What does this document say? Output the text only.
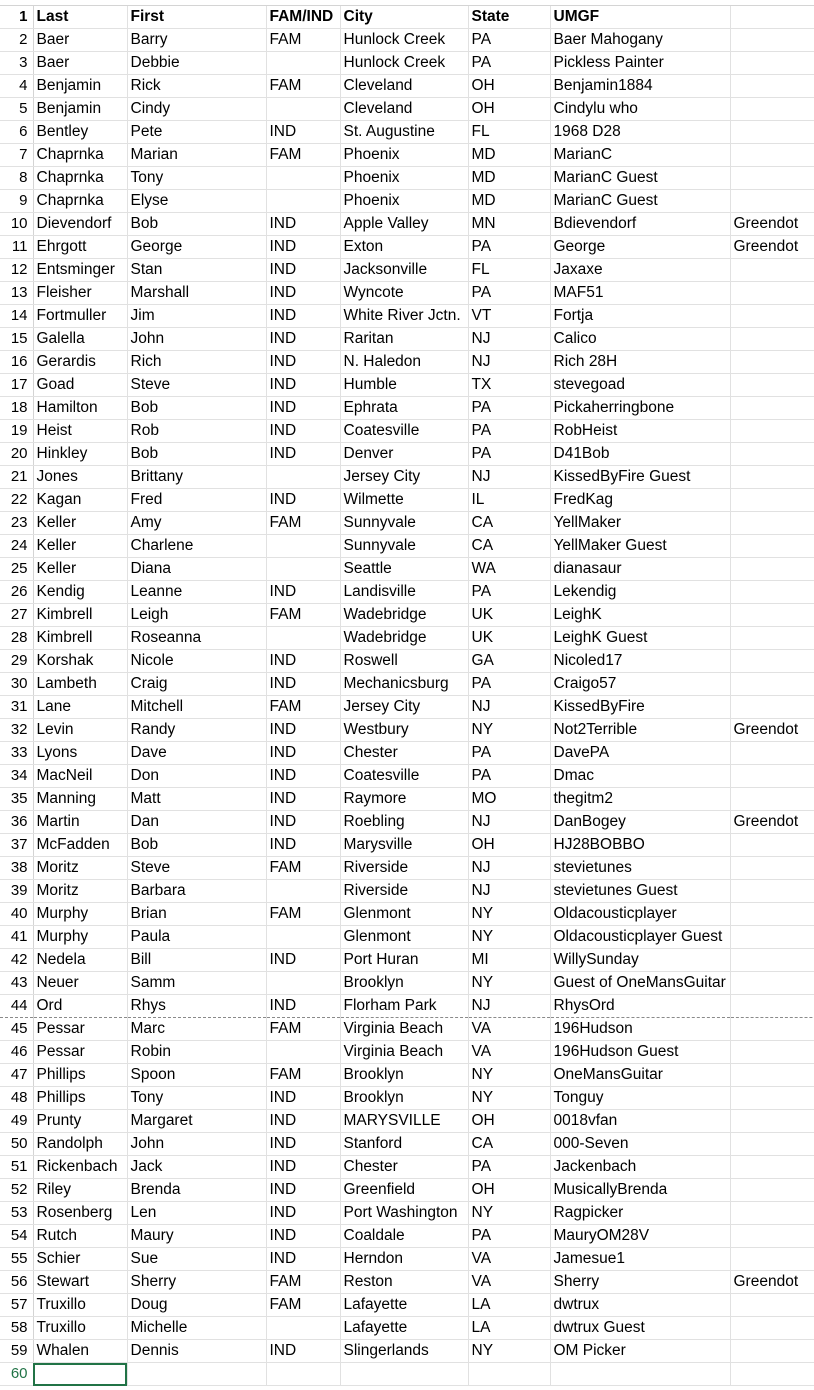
1	Last	First	FAM/IND	City	State	UMGF	
2	Baer	Barry	FAM	Hunlock Creek	PA	Baer Mahogany	
3	Baer	Debbie		Hunlock Creek	PA	Pickless Painter	
4	Benjamin	Rick	FAM	Cleveland	OH	Benjamin1884	
5	Benjamin	Cindy		Cleveland	OH	Cindylu who	
6	Bentley	Pete	IND	St. Augustine	FL	1968 D28	
7	Chaprnka	Marian	FAM	Phoenix	MD	MarianC	
8	Chaprnka	Tony		Phoenix	MD	MarianC Guest	
9	Chaprnka	Elyse		Phoenix	MD	MarianC Guest	
10	Dievendorf	Bob	IND	Apple Valley	MN	Bdievendorf	Greendot
11	Ehrgott	George	IND	Exton	PA	George	Greendot
12	Entsminger	Stan	IND	Jacksonville	FL	Jaxaxe	
13	Fleisher	Marshall	IND	Wyncote	PA	MAF51	
14	Fortmuller	Jim	IND	White River Jctn.	VT	Fortja	
15	Galella	John	IND	Raritan	NJ	Calico	
16	Gerardis	Rich	IND	N. Haledon	NJ	Rich 28H	
17	Goad	Steve	IND	Humble	TX	stevegoad	
18	Hamilton	Bob	IND	Ephrata	PA	Pickaherringbone	
19	Heist	Rob	IND	Coatesville	PA	RobHeist	
20	Hinkley	Bob	IND	Denver	PA	D41Bob	
21	Jones	Brittany		Jersey City	NJ	KissedByFire Guest	
22	Kagan	Fred	IND	Wilmette	IL	FredKag	
23	Keller	Amy	FAM	Sunnyvale	CA	YellMaker	
24	Keller	Charlene		Sunnyvale	CA	YellMaker Guest	
25	Keller	Diana		Seattle	WA	dianasaur	
26	Kendig	Leanne	IND	Landisville	PA	Lekendig	
27	Kimbrell	Leigh	FAM	Wadebridge	UK	LeighK	
28	Kimbrell	Roseanna		Wadebridge	UK	LeighK Guest	
29	Korshak	Nicole	IND	Roswell	GA	Nicoled17	
30	Lambeth	Craig	IND	Mechanicsburg	PA	Craigo57	
31	Lane	Mitchell	FAM	Jersey City	NJ	KissedByFire	
32	Levin	Randy	IND	Westbury	NY	Not2Terrible	Greendot
33	Lyons	Dave	IND	Chester	PA	DavePA	
34	MacNeil	Don	IND	Coatesville	PA	Dmac	
35	Manning	Matt	IND	Raymore	MO	thegitm2	
36	Martin	Dan	IND	Roebling	NJ	DanBogey	Greendot
37	McFadden	Bob	IND	Marysville	OH	HJ28BOBBO	
38	Moritz	Steve	FAM	Riverside	NJ	stevietunes	
39	Moritz	Barbara		Riverside	NJ	stevietunes Guest	
40	Murphy	Brian	FAM	Glenmont	NY	Oldacousticplayer	
41	Murphy	Paula		Glenmont	NY	Oldacousticplayer Guest	
42	Nedela	Bill	IND	Port Huran	MI	WillySunday	
43	Neuer	Samm		Brooklyn	NY	Guest of OneMansGuitar	
44	Ord	Rhys	IND	Florham Park	NJ	RhysOrd	
45	Pessar	Marc	FAM	Virginia Beach	VA	196Hudson	
46	Pessar	Robin		Virginia Beach	VA	196Hudson Guest	
47	Phillips	Spoon	FAM	Brooklyn	NY	OneMansGuitar	
48	Phillips	Tony	IND	Brooklyn	NY	Tonguy	
49	Prunty	Margaret	IND	MARYSVILLE	OH	0018vfan	
50	Randolph	John	IND	Stanford	CA	000-Seven	
51	Rickenbach	Jack	IND	Chester	PA	Jackenbach	
52	Riley	Brenda	IND	Greenfield	OH	MusicallyBrenda	
53	Rosenberg	Len	IND	Port Washington	NY	Ragpicker	
54	Rutch	Maury	IND	Coaldale	PA	MauryOM28V	
55	Schier	Sue	IND	Herndon	VA	Jamesue1	
56	Stewart	Sherry	FAM	Reston	VA	Sherry	Greendot
57	Truxillo	Doug	FAM	Lafayette	LA	dwtrux	
58	Truxillo	Michelle		Lafayette	LA	dwtrux Guest	
59	Whalen	Dennis	IND	Slingerlands	NY	OM Picker	
60							
